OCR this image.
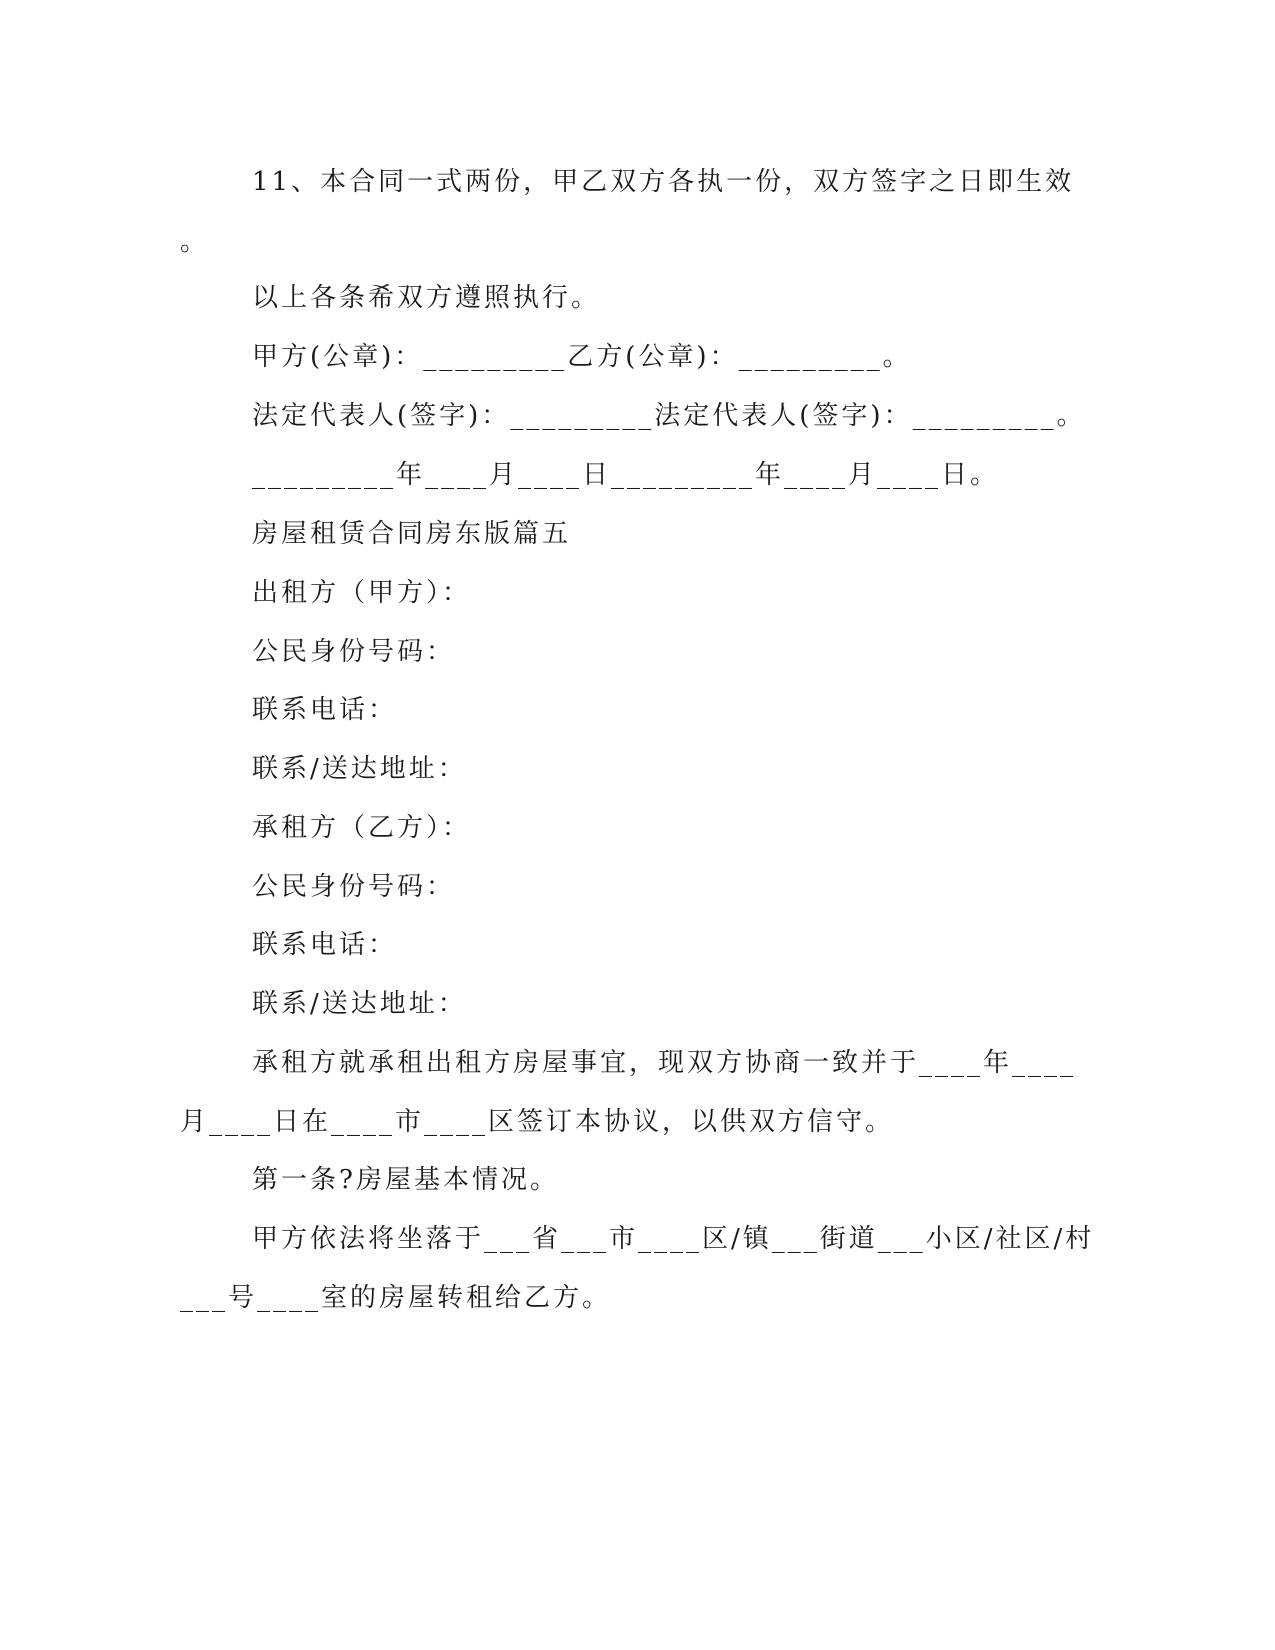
11、本合同一式两份，甲乙双方各执一份，双方签字之日即生效
。
以上各条希双方遵照执行。
甲方(公章)：_________乙方(公章)：_________。
法定代表人(签字)：_________法定代表人(签字)：_________。
_________年____月____日_________年____月____日。
房屋租赁合同房东版篇五
出租方（甲方）：
公民身份号码：
联系电话：
联系/送达地址：
承租方（乙方）：
公民身份号码：
联系电话：
联系/送达地址：
承租方就承租出租方房屋事宜，现双方协商一致并于____年____
月____日在____市____区签订本协议，以供双方信守。
第一条?房屋基本情况。
甲方依法将坐落于___省___市____区/镇___街道___小区/社区/村
___号____室的房屋转租给乙方。
